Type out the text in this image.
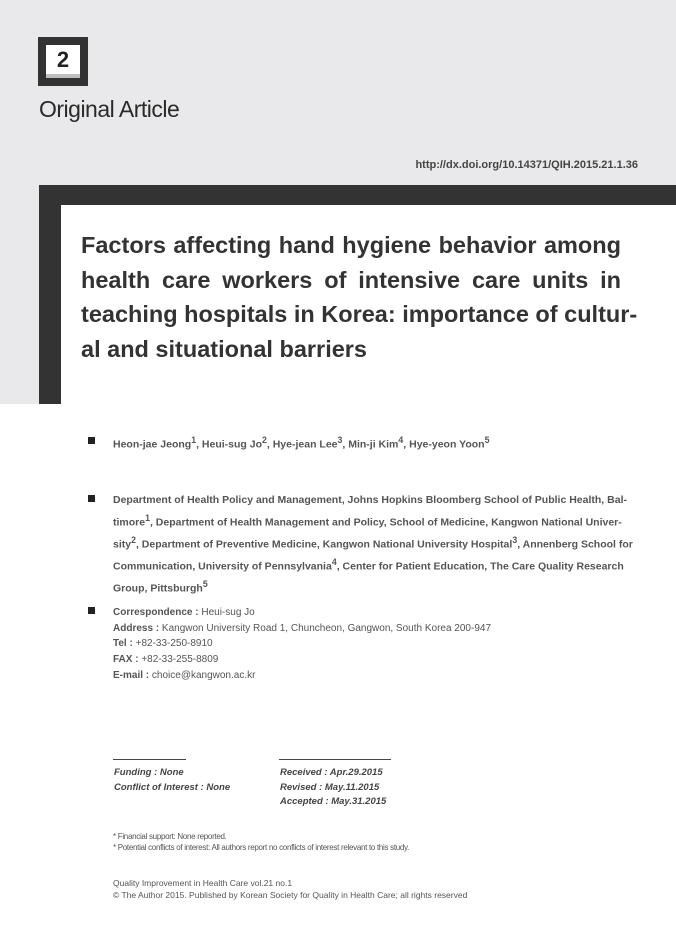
2
Original Article
http://dx.doi.org/10.14371/QIH.2015.21.1.36
Factors affecting hand hygiene behavior among
health care workers of intensive care units in
teaching hospitals in Korea: importance of cultur-
al and situational barriers
Heon-jae Jeong$^1$, Heui-sug Jo$^2$, Hye-jean Lee$^3$, Min-ji Kim$^4$, Hye-yeon Yoon$^5$
Department of Health Policy and Management, Johns Hopkins Bloomberg School of Public Health, Bal-
timore$^1$, Department of Health Management and Policy, School of Medicine, Kangwon National Univer-
sity$^2$, Department of Preventive Medicine, Kangwon National University Hospital$^3$, Annenberg School for
Communication, University of Pennsylvania$^4$, Center for Patient Education, The Care Quality Research
Group, Pittsburgh$^5$
Correspondence : Heui-sug Jo
Address : Kangwon University Road 1, Chuncheon, Gangwon, South Korea 200-947
Tel : +82-33-250-8910
FAX : +82-33-255-8809
E-mail : choice@kangwon.ac.kr
Funding : None
Conflict of Interest : None
Received : Apr.29.2015
Revised : May.11.2015
Accepted : May.31.2015
* Financial support: None reported.
* Potential conflicts of interest: All authors report no conflicts of interest relevant to this study.
Quality Improvement in Health Care vol.21 no.1
© The Author 2015. Published by Korean Society for Quality in Health Care; all rights reserved
